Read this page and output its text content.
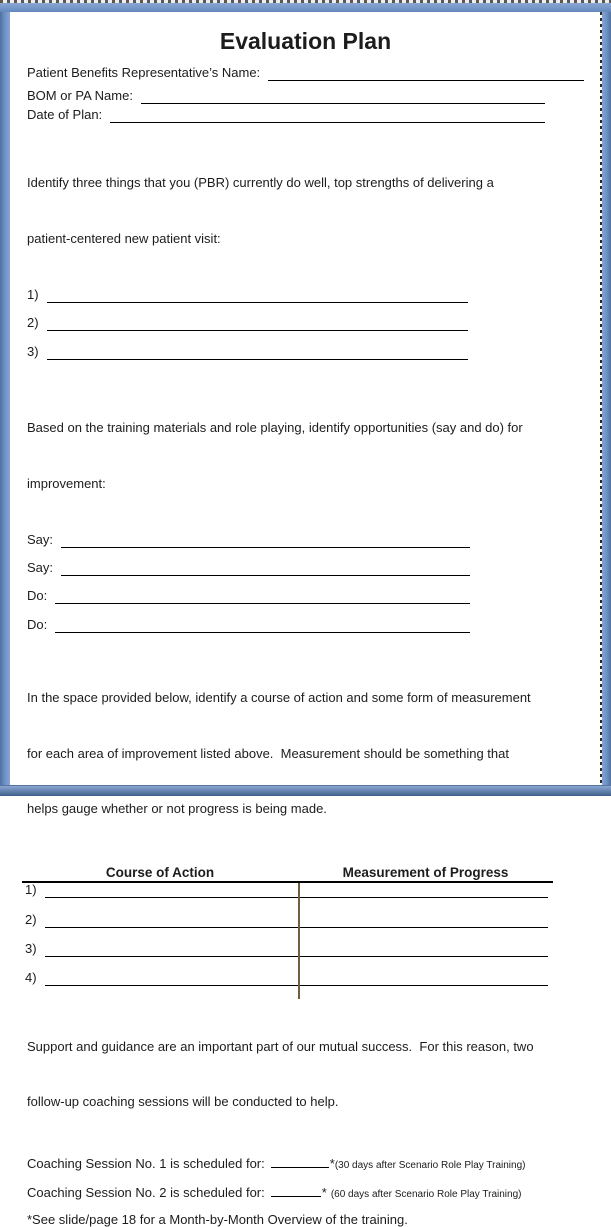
Evaluation Plan
Patient Benefits Representative’s Name:
BOM or PA Name:
Date of Plan:

Identify three things that you (PBR) currently do well, top strengths of delivering a

patient-centered new patient visit:

1)
2)
3)

Based on the training materials and role playing, identify opportunities (say and do) for

improvement:

Say:
Say:
Do:
Do:

In the space provided below, identify a course of action and some form of measurement

for each area of improvement listed above.  Measurement should be something that

helps gauge whether or not progress is being made.

Course of Action	Measurement of Progress
1)
2)
3)
4)

Support and guidance are an important part of our mutual success.  For this reason, two

follow-up coaching sessions will be conducted to help.

Coaching Session No. 1 is scheduled for:	* (30 days after Scenario Role Play Training)
Coaching Session No. 2 is scheduled for:	* (60 days after Scenario Role Play Training)
*See slide/page 18 for a Month-by-Month Overview of the training.
